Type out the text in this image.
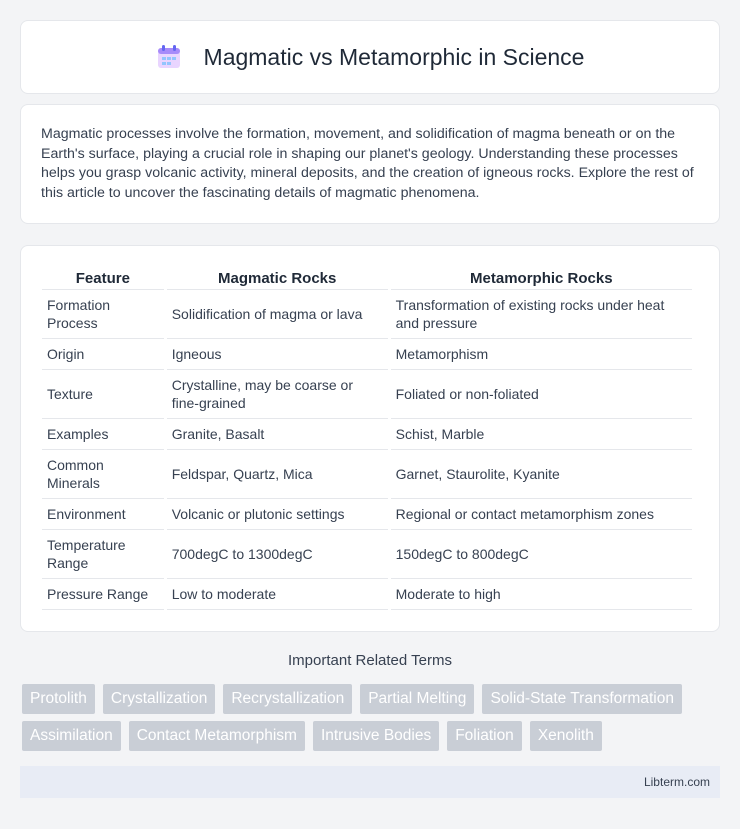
Magmatic vs Metamorphic in Science

Magmatic processes involve the formation, movement, and solidification of magma beneath or on the Earth's surface, playing a crucial role in shaping our planet's geology. Understanding these processes helps you grasp volcanic activity, mineral deposits, and the creation of igneous rocks. Explore the rest of this article to uncover the fascinating details of magmatic phenomena.

Feature	Magmatic Rocks	Metamorphic Rocks
Formation Process	Solidification of magma or lava	Transformation of existing rocks under heat and pressure
Origin	Igneous	Metamorphism
Texture	Crystalline, may be coarse or fine-grained	Foliated or non-foliated
Examples	Granite, Basalt	Schist, Marble
Common Minerals	Feldspar, Quartz, Mica	Garnet, Staurolite, Kyanite
Environment	Volcanic or plutonic settings	Regional or contact metamorphism zones
Temperature Range	700degC to 1300degC	150degC to 800degC
Pressure Range	Low to moderate	Moderate to high
Important Related Terms
Protolith	Crystallization	Recrystallization	Partial Melting	Solid-State Transformation
Assimilation	Contact Metamorphism	Intrusive Bodies	Foliation	Xenolith
Libterm.com
